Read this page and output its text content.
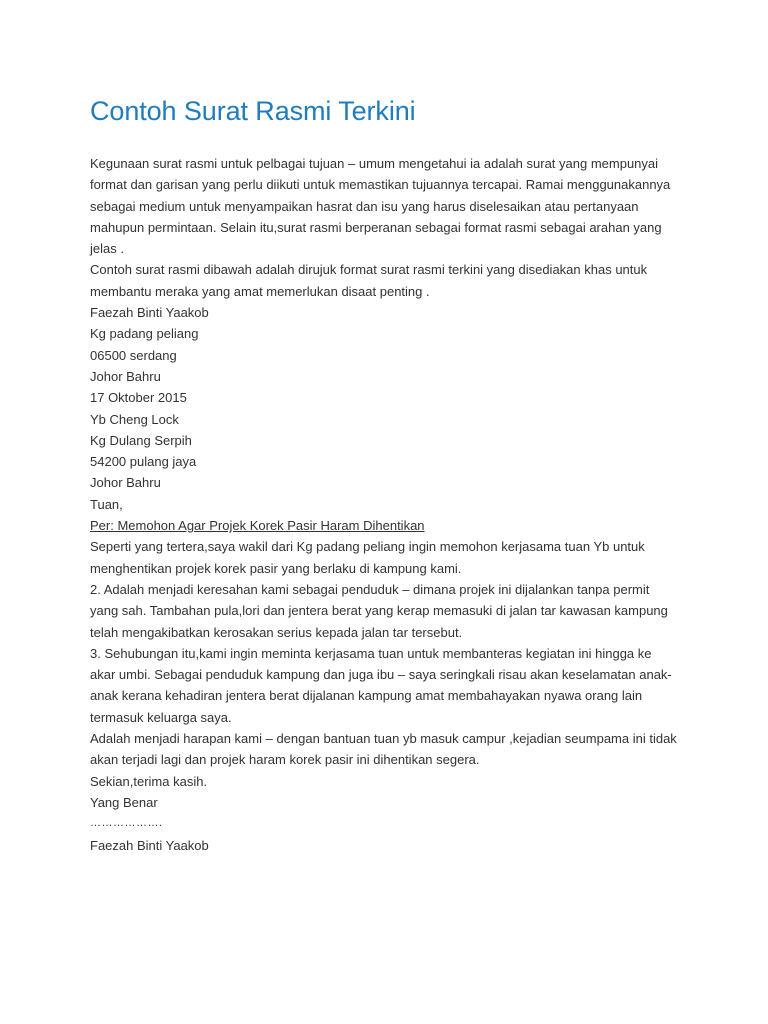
Contoh Surat Rasmi Terkini

Kegunaan surat rasmi untuk pelbagai tujuan – umum mengetahui ia adalah surat yang mempunyai format dan garisan yang perlu diikuti untuk memastikan tujuannya tercapai. Ramai menggunakannya sebagai medium untuk menyampaikan hasrat dan isu yang harus diselesaikan atau pertanyaan mahupun permintaan. Selain itu,surat rasmi berperanan sebagai format rasmi sebagai arahan yang jelas .

Contoh surat rasmi dibawah adalah dirujuk format surat rasmi terkini yang disediakan khas untuk membantu meraka yang amat memerlukan disaat penting .

Faezah Binti Yaakob

Kg padang peliang

06500 serdang

Johor Bahru

17 Oktober 2015

Yb Cheng Lock

Kg Dulang Serpih

54200 pulang jaya

Johor Bahru

Tuan,

Per: Memohon Agar Projek Korek Pasir Haram Dihentikan

Seperti yang tertera,saya wakil dari Kg padang peliang ingin memohon kerjasama tuan Yb untuk menghentikan projek korek pasir yang berlaku di kampung kami.

2. Adalah menjadi keresahan kami sebagai penduduk – dimana projek ini dijalankan tanpa permit yang sah. Tambahan pula,lori dan jentera berat yang kerap memasuki di jalan tar kawasan kampung telah mengakibatkan kerosakan serius kepada jalan tar tersebut.

3. Sehubungan itu,kami ingin meminta kerjasama tuan untuk membanteras kegiatan ini hingga ke akar umbi. Sebagai penduduk kampung dan juga ibu – saya seringkali risau akan keselamatan anak-anak kerana kehadiran jentera berat dijalanan kampung amat membahayakan nyawa orang lain termasuk keluarga saya.

Adalah menjadi harapan kami – dengan bantuan tuan yb masuk campur ,kejadian seumpama ini tidak akan terjadi lagi dan projek haram korek pasir ini dihentikan segera.

Sekian,terima kasih.

Yang Benar

……………….

Faezah Binti Yaakob
